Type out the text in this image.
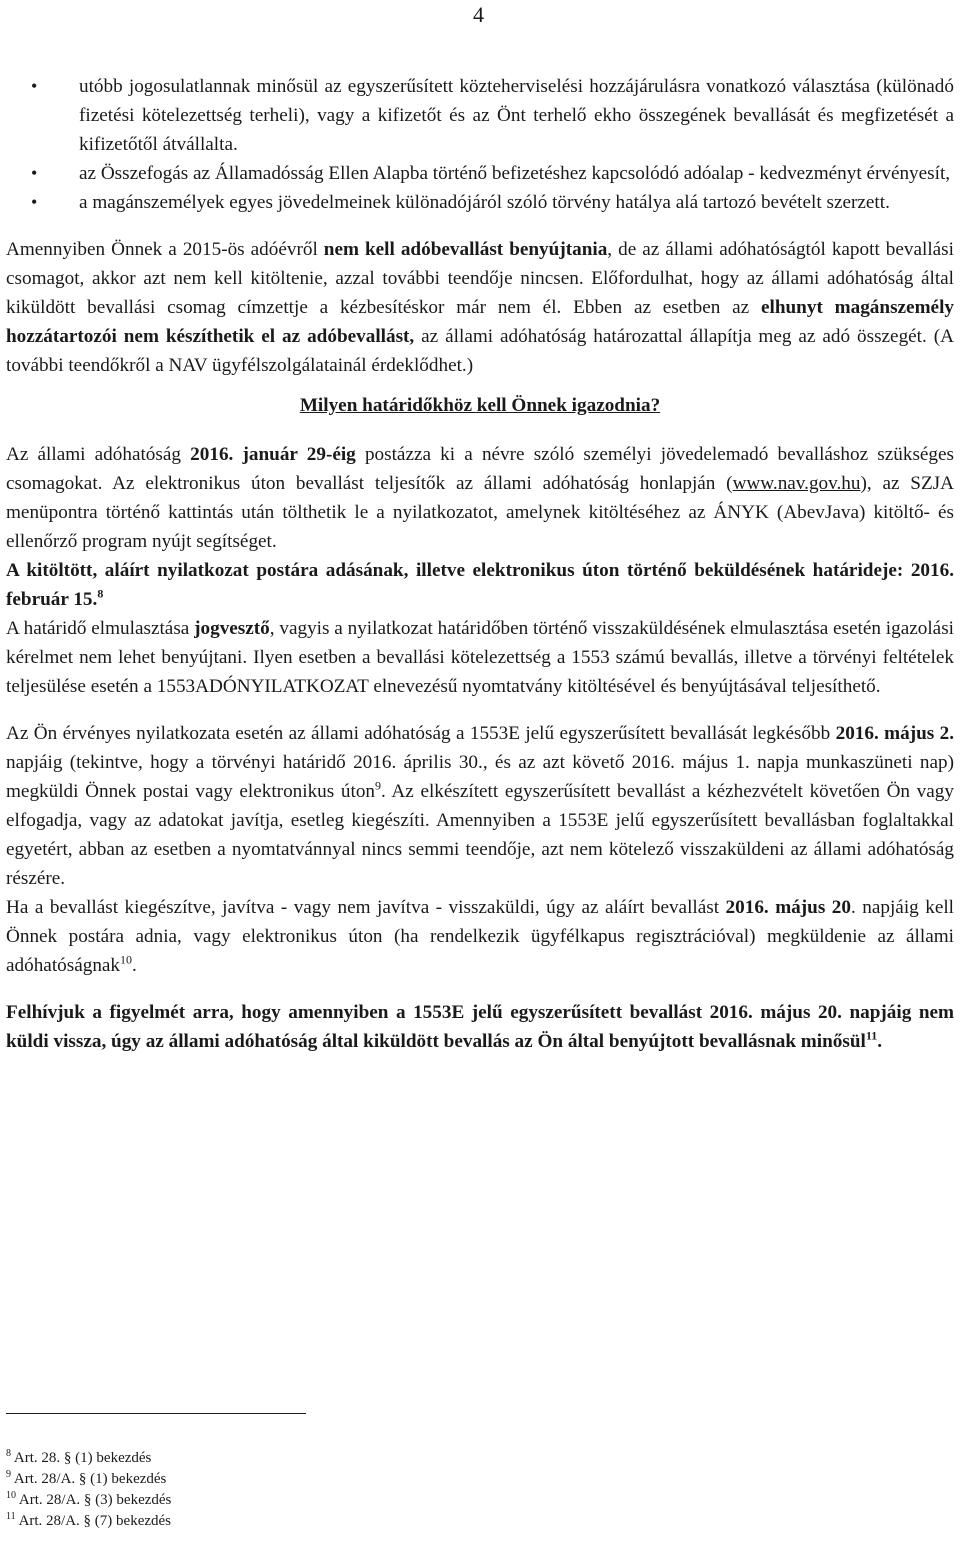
4
• utóbb jogosulatlannak minősül az egyszerűsített közteherviselési hozzájárulásra vonatkozó választása (különadó fizetési kötelezettség terheli), vagy a kifizetőt és az Önt terhelő ekho összegének bevallását és megfizetését a kifizetőtől átvállalta.
• az Összefogás az Államadósság Ellen Alapba történő befizetéshez kapcsolódó adóalap - kedvezményt érvényesít,
• a magánszemélyek egyes jövedelmeinek különadójáról szóló törvény hatálya alá tartozó bevételt szerzett.

Amennyiben Önnek a 2015-ös adóévről nem kell adóbevallást benyújtania, de az állami adóhatóságtól kapott bevallási csomagot, akkor azt nem kell kitöltenie, azzal további teendője nincsen. Előfordulhat, hogy az állami adóhatóság által kiküldött bevallási csomag címzettje a kézbesítéskor már nem él. Ebben az esetben az elhunyt magánszemély hozzátartozói nem készíthetik el az adóbevallást, az állami adóhatóság határozattal állapítja meg az adó összegét. (A további teendőkről a NAV ügyfélszolgálatainál érdeklődhet.)

Milyen határidőkhöz kell Önnek igazodnia?

Az állami adóhatóság 2016. január 29-éig postázza ki a névre szóló személyi jövedelemadó bevalláshoz szükséges csomagokat. Az elektronikus úton bevallást teljesítők az állami adóhatóság honlapján (www.nav.gov.hu), az SZJA menüpontra történő kattintás után tölthetik le a nyilatkozatot, amelynek kitöltéséhez az ÁNYK (AbevJava) kitöltő- és ellenőrző program nyújt segítséget.

A kitöltött, aláírt nyilatkozat postára adásának, illetve elektronikus úton történő beküldésének határideje: 2016. február 15.$^8$

A határidő elmulasztása jogvesztő, vagyis a nyilatkozat határidőben történő visszaküldésének elmulasztása esetén igazolási kérelmet nem lehet benyújtani. Ilyen esetben a bevallási kötelezettség a 1553 számú bevallás, illetve a törvényi feltételek teljesülése esetén a 1553ADÓNYILATKOZAT elnevezésű nyomtatvány kitöltésével és benyújtásával teljesíthető.

Az Ön érvényes nyilatkozata esetén az állami adóhatóság a 1553E jelű egyszerűsített bevallását legkésőbb 2016. május 2. napjáig (tekintve, hogy a törvényi határidő 2016. április 30., és az azt követő 2016. május 1. napja munkaszüneti nap) megküldi Önnek postai vagy elektronikus úton$^9$. Az elkészített egyszerűsített bevallást a kézhezvételt követően Ön vagy elfogadja, vagy az adatokat javítja, esetleg kiegészíti. Amennyiben a 1553E jelű egyszerűsített bevallásban foglaltakkal egyetért, abban az esetben a nyomtatvánnyal nincs semmi teendője, azt nem kötelező visszaküldeni az állami adóhatóság részére.

Ha a bevallást kiegészítve, javítva - vagy nem javítva - visszaküldi, úgy az aláírt bevallást 2016. május 20. napjáig kell Önnek postára adnia, vagy elektronikus úton (ha rendelkezik ügyfélkapus regisztrációval) megküldenie az állami adóhatóságnak$^{10}$.

Felhívjuk a figyelmét arra, hogy amennyiben a 1553E jelű egyszerűsített bevallást 2016. május 20. napjáig nem küldi vissza, úgy az állami adóhatóság által kiküldött bevallás az Ön által benyújtott bevallásnak minősül$^{11}$.

$^8$ Art. 28. § (1) bekezdés
$^9$ Art. 28/A. § (1) bekezdés
$^{10}$ Art. 28/A. § (3) bekezdés
$^{11}$ Art. 28/A. § (7) bekezdés
